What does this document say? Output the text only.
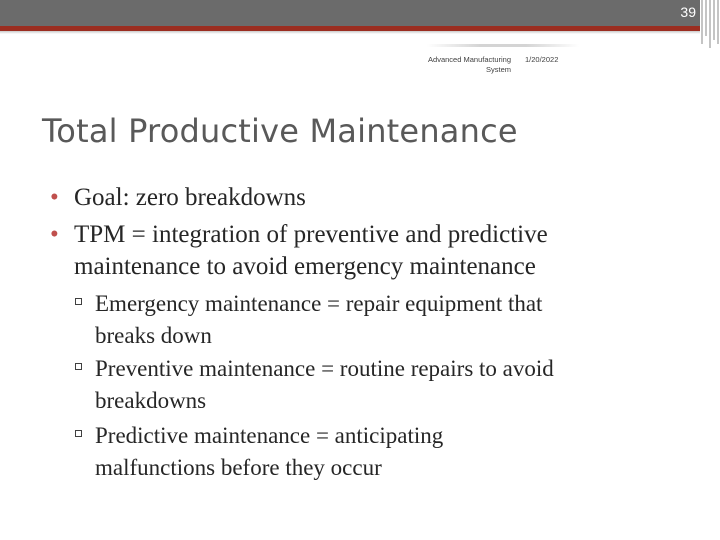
39
Advanced Manufacturing
System
1/20/2022
Total Productive Maintenance
• Goal: zero breakdowns
• TPM = integration of preventive and predictive
maintenance to avoid emergency maintenance
Emergency maintenance = repair equipment that
breaks down
Preventive maintenance = routine repairs to avoid
breakdowns
Predictive maintenance = anticipating
malfunctions before they occur
